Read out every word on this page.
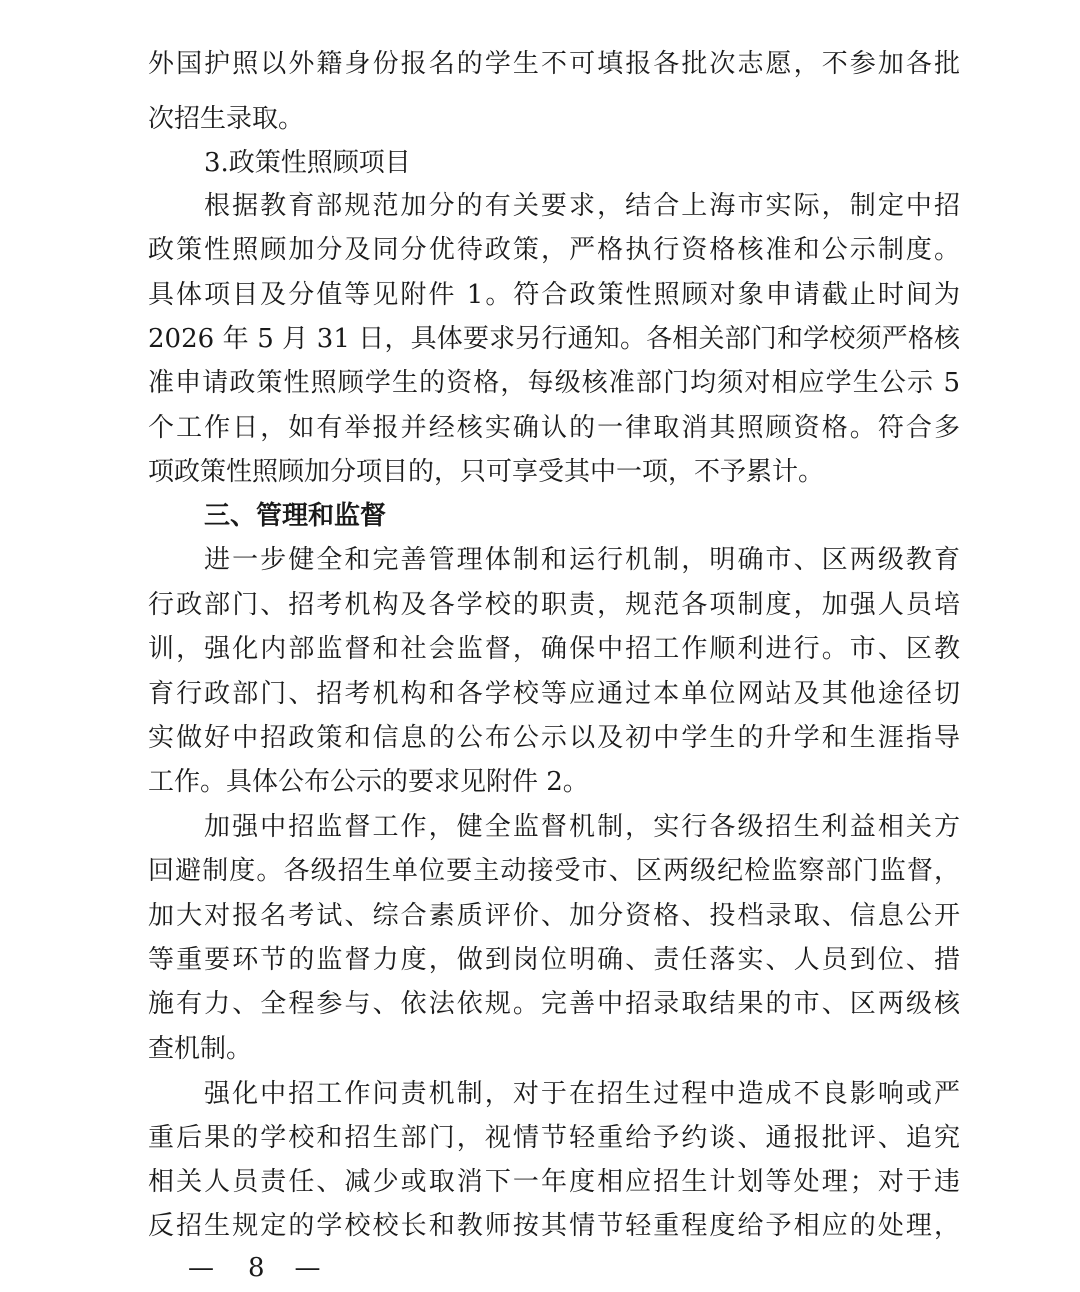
外国护照以外籍身份报名的学生不可填报各批次志愿，不参加各批
次招生录取。
3.政策性照顾项目
根据教育部规范加分的有关要求，结合上海市实际，制定中招
政策性照顾加分及同分优待政策，严格执行资格核准和公示制度。
具体项目及分值等见附件 1。符合政策性照顾对象申请截止时间为
2026 年 5 月 31 日，具体要求另行通知。各相关部门和学校须严格核
准申请政策性照顾学生的资格，每级核准部门均须对相应学生公示 5
个工作日，如有举报并经核实确认的一律取消其照顾资格。符合多
项政策性照顾加分项目的，只可享受其中一项，不予累计。
三、管理和监督
进一步健全和完善管理体制和运行机制，明确市、区两级教育
行政部门、招考机构及各学校的职责，规范各项制度，加强人员培
训，强化内部监督和社会监督，确保中招工作顺利进行。市、区教
育行政部门、招考机构和各学校等应通过本单位网站及其他途径切
实做好中招政策和信息的公布公示以及初中学生的升学和生涯指导
工作。具体公布公示的要求见附件 2。
加强中招监督工作，健全监督机制，实行各级招生利益相关方
回避制度。各级招生单位要主动接受市、区两级纪检监察部门监督，
加大对报名考试、综合素质评价、加分资格、投档录取、信息公开
等重要环节的监督力度，做到岗位明确、责任落实、人员到位、措
施有力、全程参与、依法依规。完善中招录取结果的市、区两级核
查机制。
强化中招工作问责机制，对于在招生过程中造成不良影响或严
重后果的学校和招生部门，视情节轻重给予约谈、通报批评、追究
相关人员责任、减少或取消下一年度相应招生计划等处理；对于违
反招生规定的学校校长和教师按其情节轻重程度给予相应的处理，
— 8 —
